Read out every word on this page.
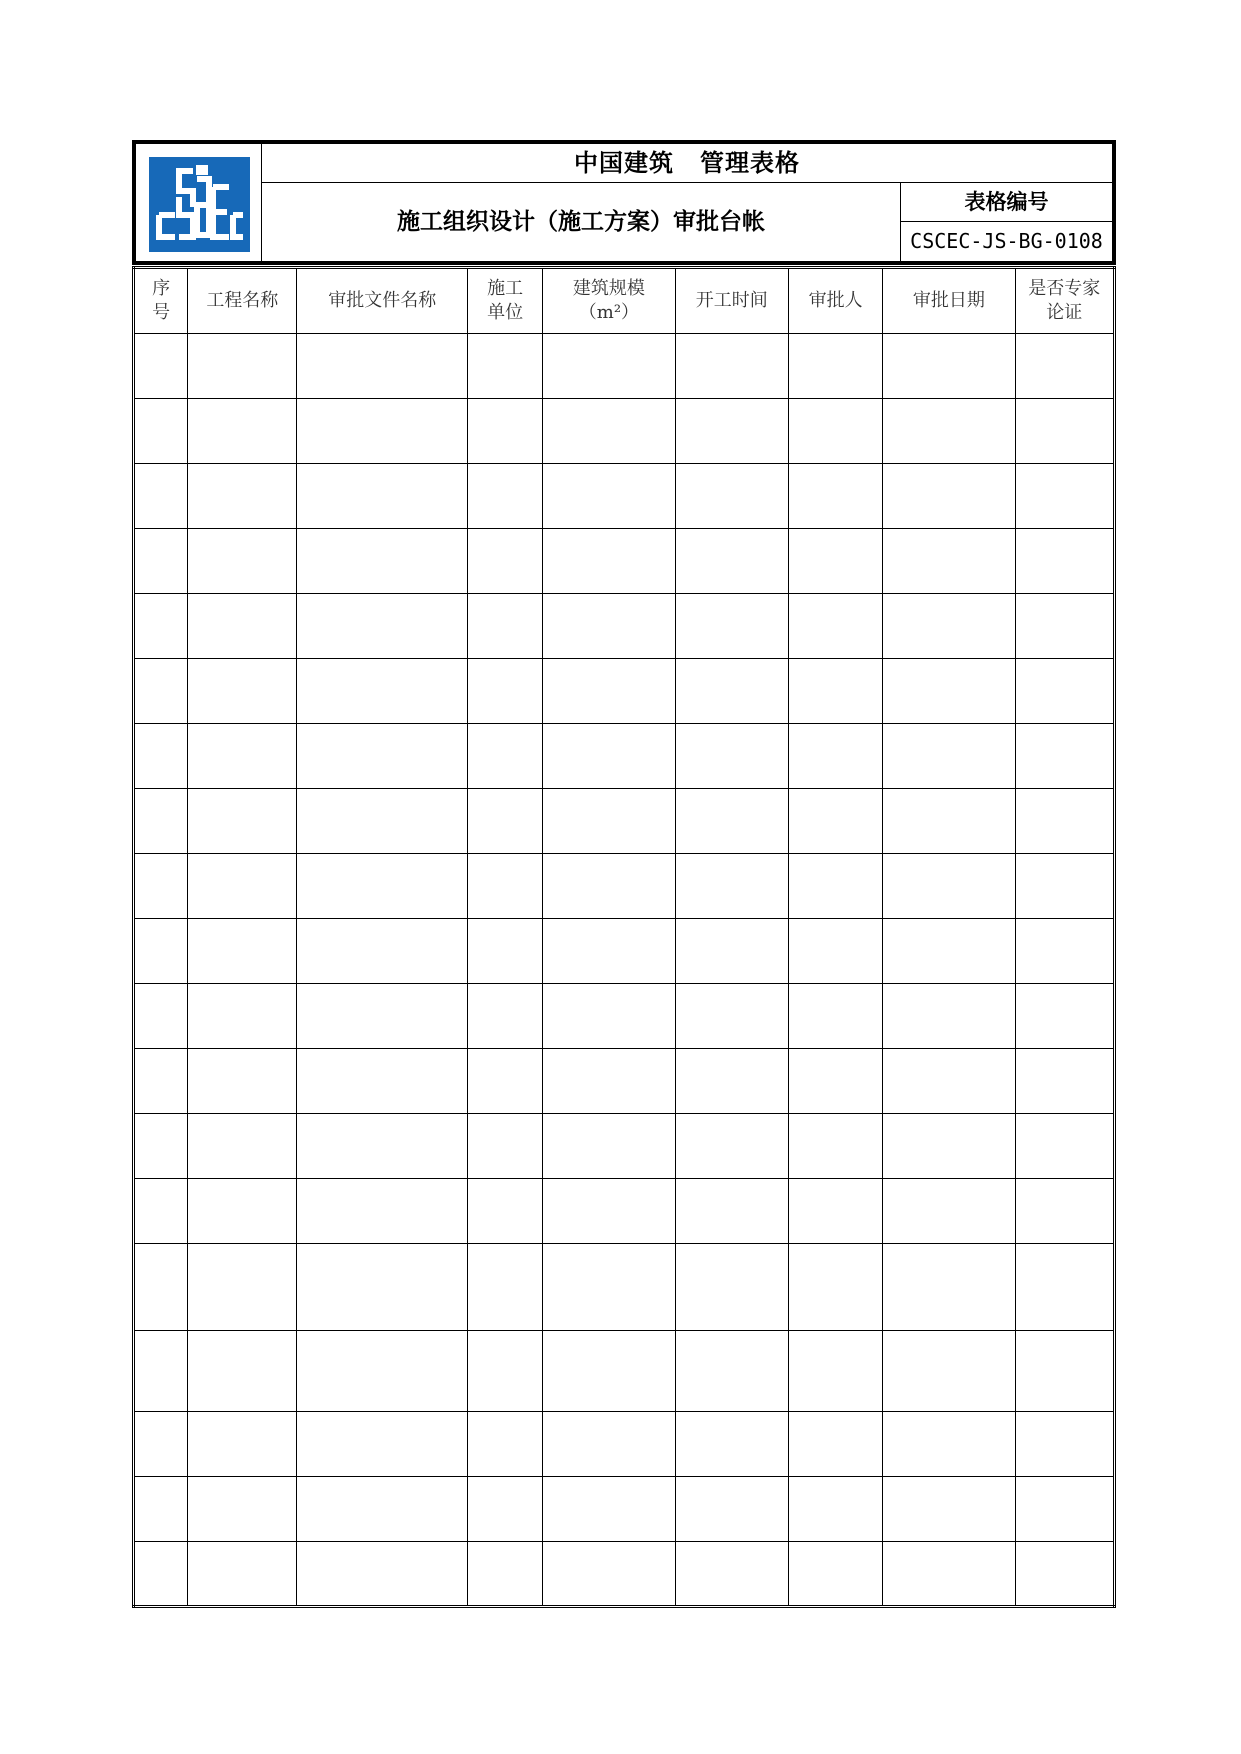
中国建筑 管理表格
施工组织设计（施工方案）审批台帐
表格编号
CSCEC-JS-BG-0108
序号	工程名称	审批文件名称	施工单位	建筑规模（m²）	开工时间	审批人	审批日期	是否专家论证
